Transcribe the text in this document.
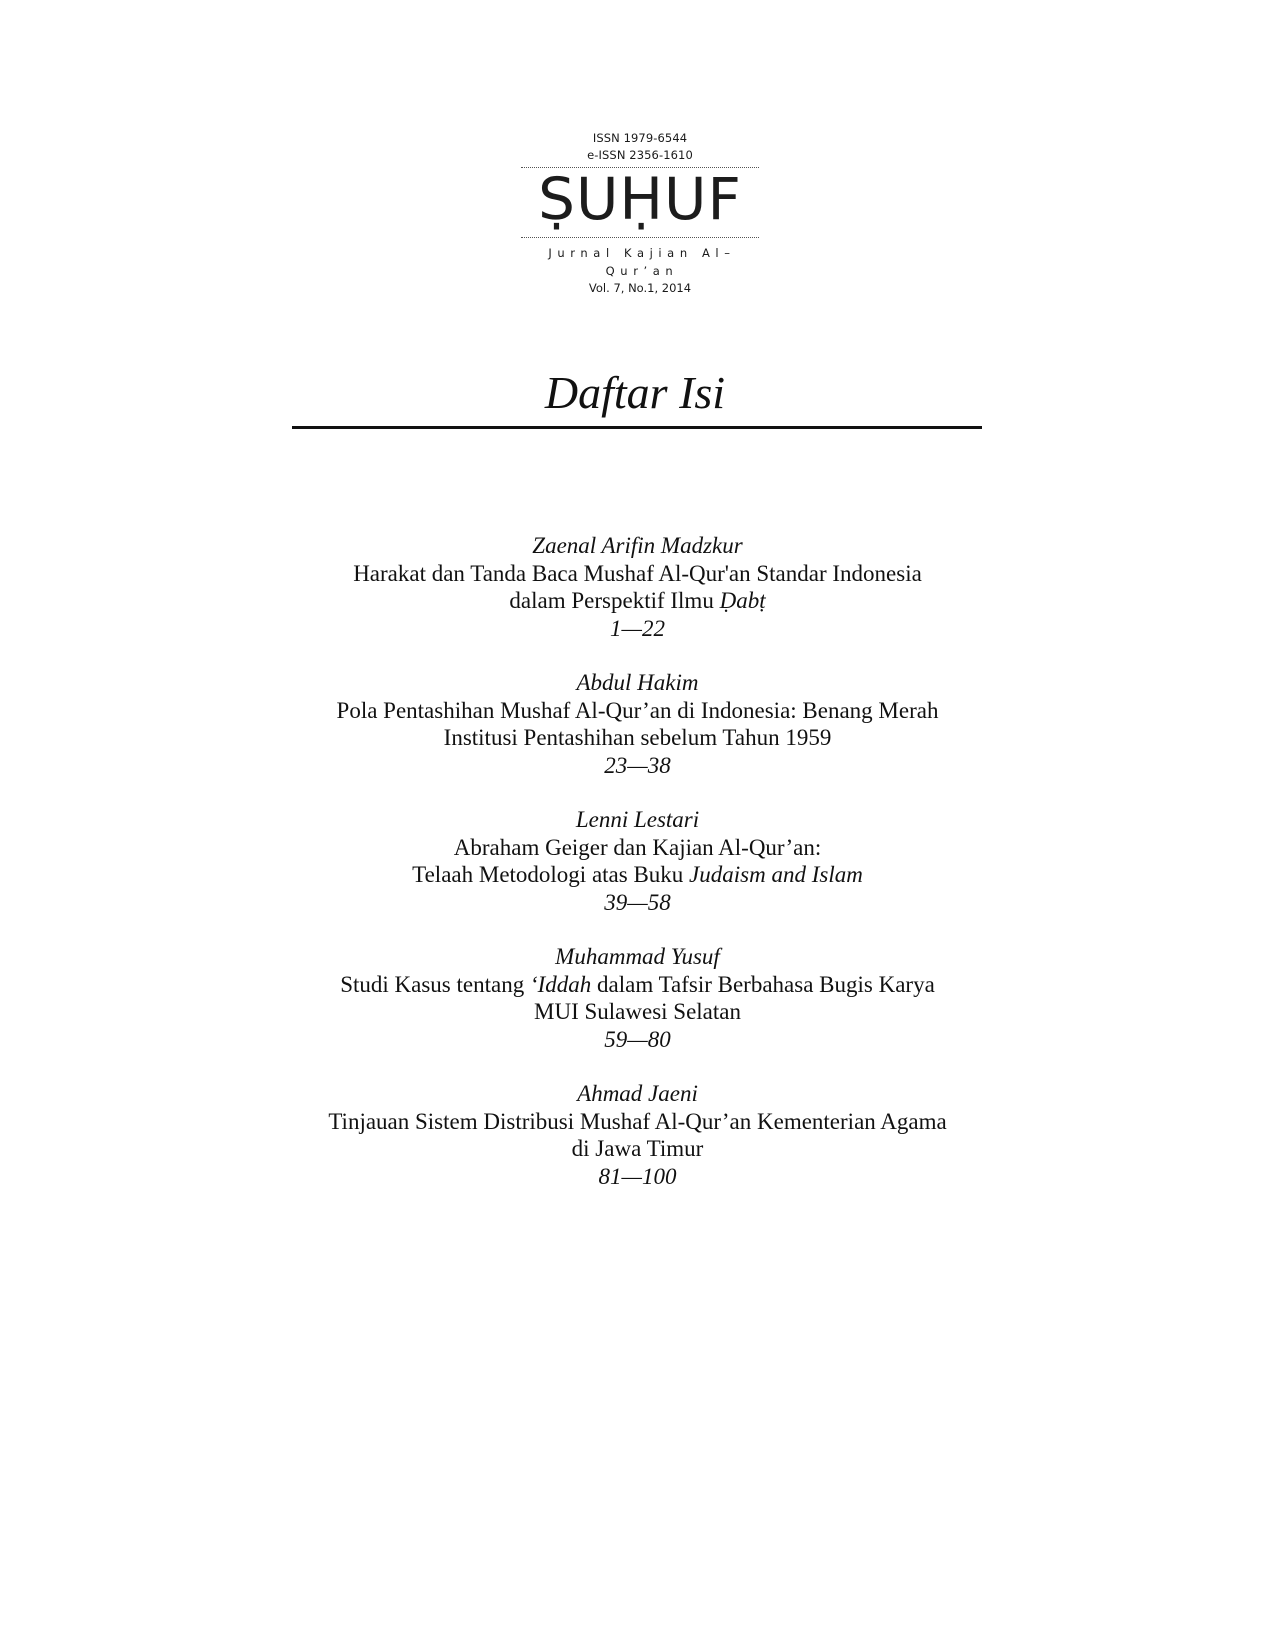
ISSN 1979-6544
e-ISSN 2356-1610
ṢUḤUF
Jurnal Kajian Al–Qur’an
Vol. 7, No.1, 2014
Daftar Isi
Zaenal Arifin Madzkur
Harakat dan Tanda Baca Mushaf Al-Qur'an Standar Indonesia
dalam Perspektif Ilmu Ḍabṭ
1—22
Abdul Hakim
Pola Pentashihan Mushaf Al-Qur’an di Indonesia: Benang Merah
Institusi Pentashihan sebelum Tahun 1959
23—38
Lenni Lestari
Abraham Geiger dan Kajian Al-Qur’an:
Telaah Metodologi atas Buku Judaism and Islam
39—58
Muhammad Yusuf
Studi Kasus tentang ‘Iddah dalam Tafsir Berbahasa Bugis Karya
MUI Sulawesi Selatan
59—80
Ahmad Jaeni
Tinjauan Sistem Distribusi Mushaf Al-Qur’an Kementerian Agama
di Jawa Timur
81—100
